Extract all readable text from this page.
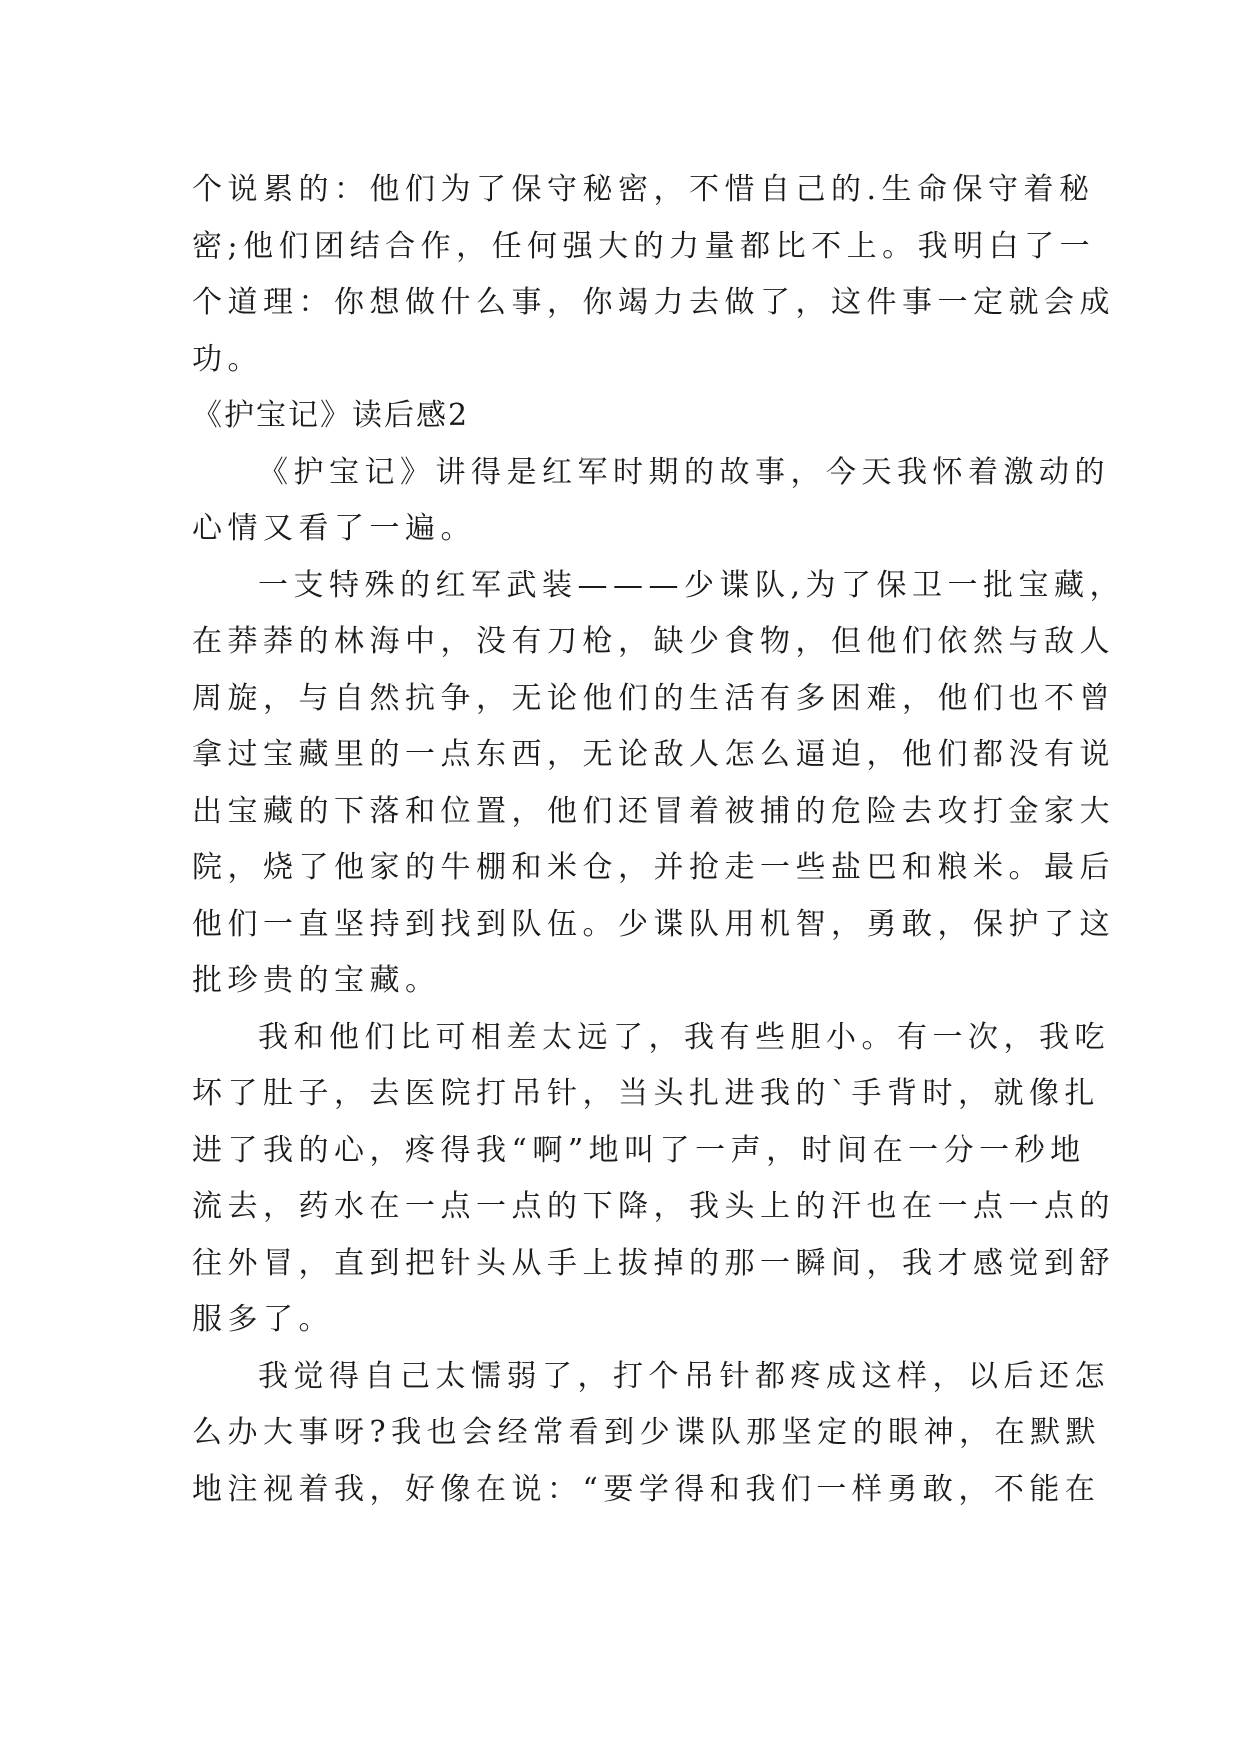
个说累的：他们为了保守秘密，不惜自己的.生命保守着秘
密;他们团结合作，任何强大的力量都比不上。我明白了一
个道理：你想做什么事，你竭力去做了，这件事一定就会成
功。
《护宝记》读后感2
《护宝记》讲得是红军时期的故事，今天我怀着激动的
心情又看了一遍。
一支特殊的红军武装———少谍队,为了保卫一批宝藏，
在莽莽的林海中，没有刀枪，缺少食物，但他们依然与敌人
周旋，与自然抗争，无论他们的生活有多困难，他们也不曾
拿过宝藏里的一点东西，无论敌人怎么逼迫，他们都没有说
出宝藏的下落和位置，他们还冒着被捕的危险去攻打金家大
院，烧了他家的牛棚和米仓，并抢走一些盐巴和粮米。最后
他们一直坚持到找到队伍。少谍队用机智，勇敢，保护了这
批珍贵的宝藏。
我和他们比可相差太远了，我有些胆小。有一次，我吃
坏了肚子，去医院打吊针，当头扎进我的`手背时，就像扎
进了我的心，疼得我“啊”地叫了一声，时间在一分一秒地
流去，药水在一点一点的下降，我头上的汗也在一点一点的
往外冒，直到把针头从手上拔掉的那一瞬间，我才感觉到舒
服多了。
我觉得自己太懦弱了，打个吊针都疼成这样，以后还怎
么办大事呀?我也会经常看到少谍队那坚定的眼神，在默默
地注视着我，好像在说：“要学得和我们一样勇敢，不能在
